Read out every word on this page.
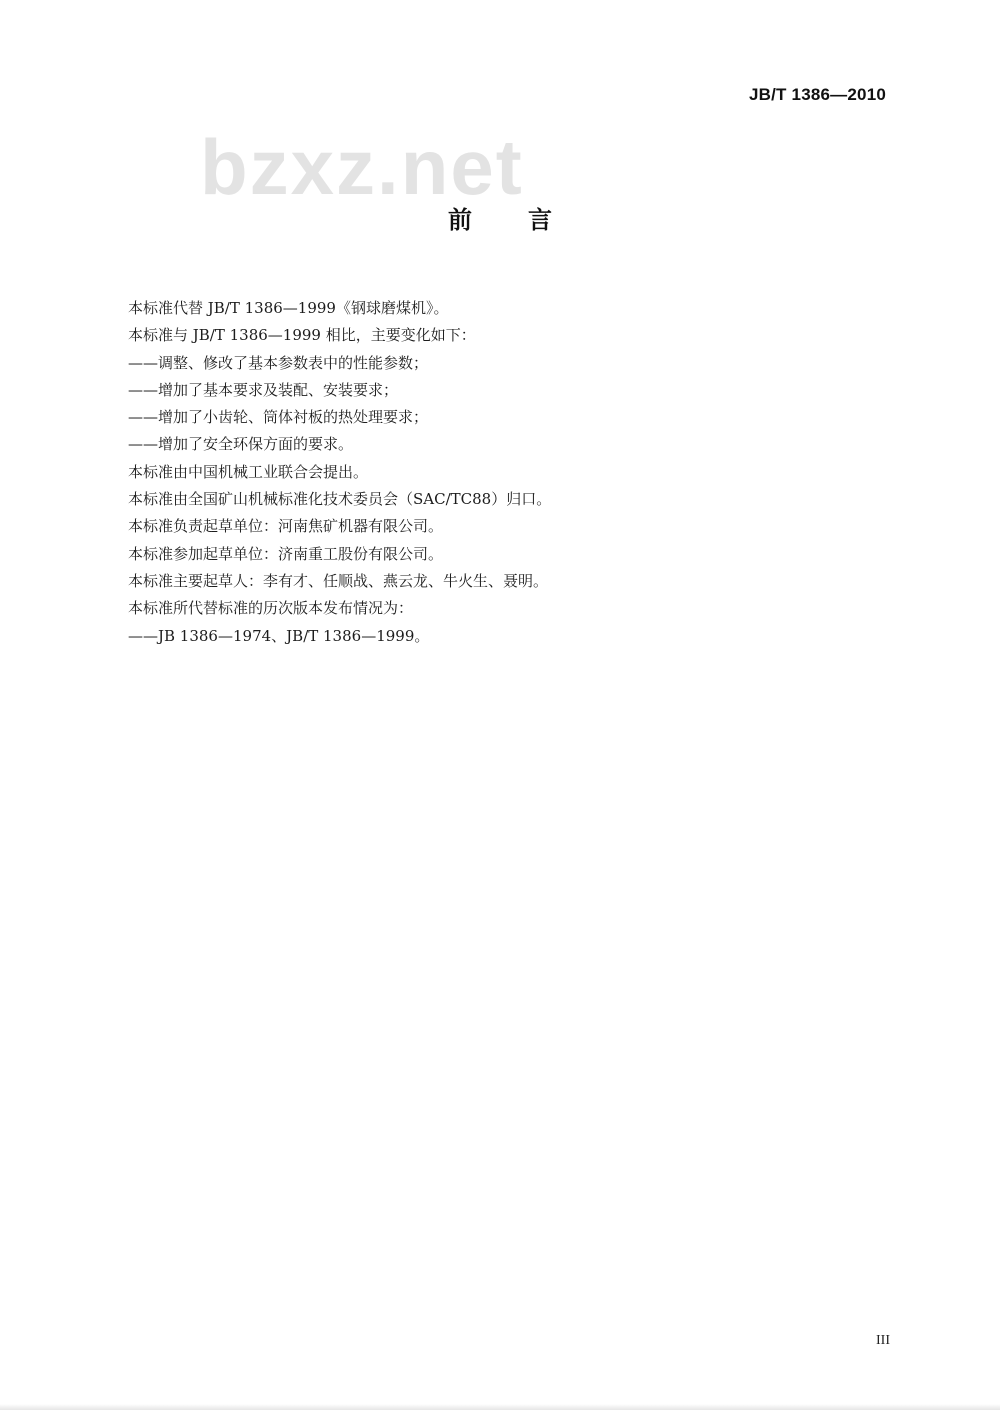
JB/T 1386—2010
bzxz.net
前言
本标准代替 JB/T 1386—1999《钢球磨煤机》。
本标准与 JB/T 1386—1999 相比，主要变化如下：
——调整、修改了基本参数表中的性能参数；
——增加了基本要求及装配、安装要求；
——增加了小齿轮、筒体衬板的热处理要求；
——增加了安全环保方面的要求。
本标准由中国机械工业联合会提出。
本标准由全国矿山机械标准化技术委员会（SAC/TC88）归口。
本标准负责起草单位：河南焦矿机器有限公司。
本标准参加起草单位：济南重工股份有限公司。
本标准主要起草人：李有才、任顺战、燕云龙、牛火生、聂明。
本标准所代替标准的历次版本发布情况为：
——JB 1386—1974、JB/T 1386—1999。
III
